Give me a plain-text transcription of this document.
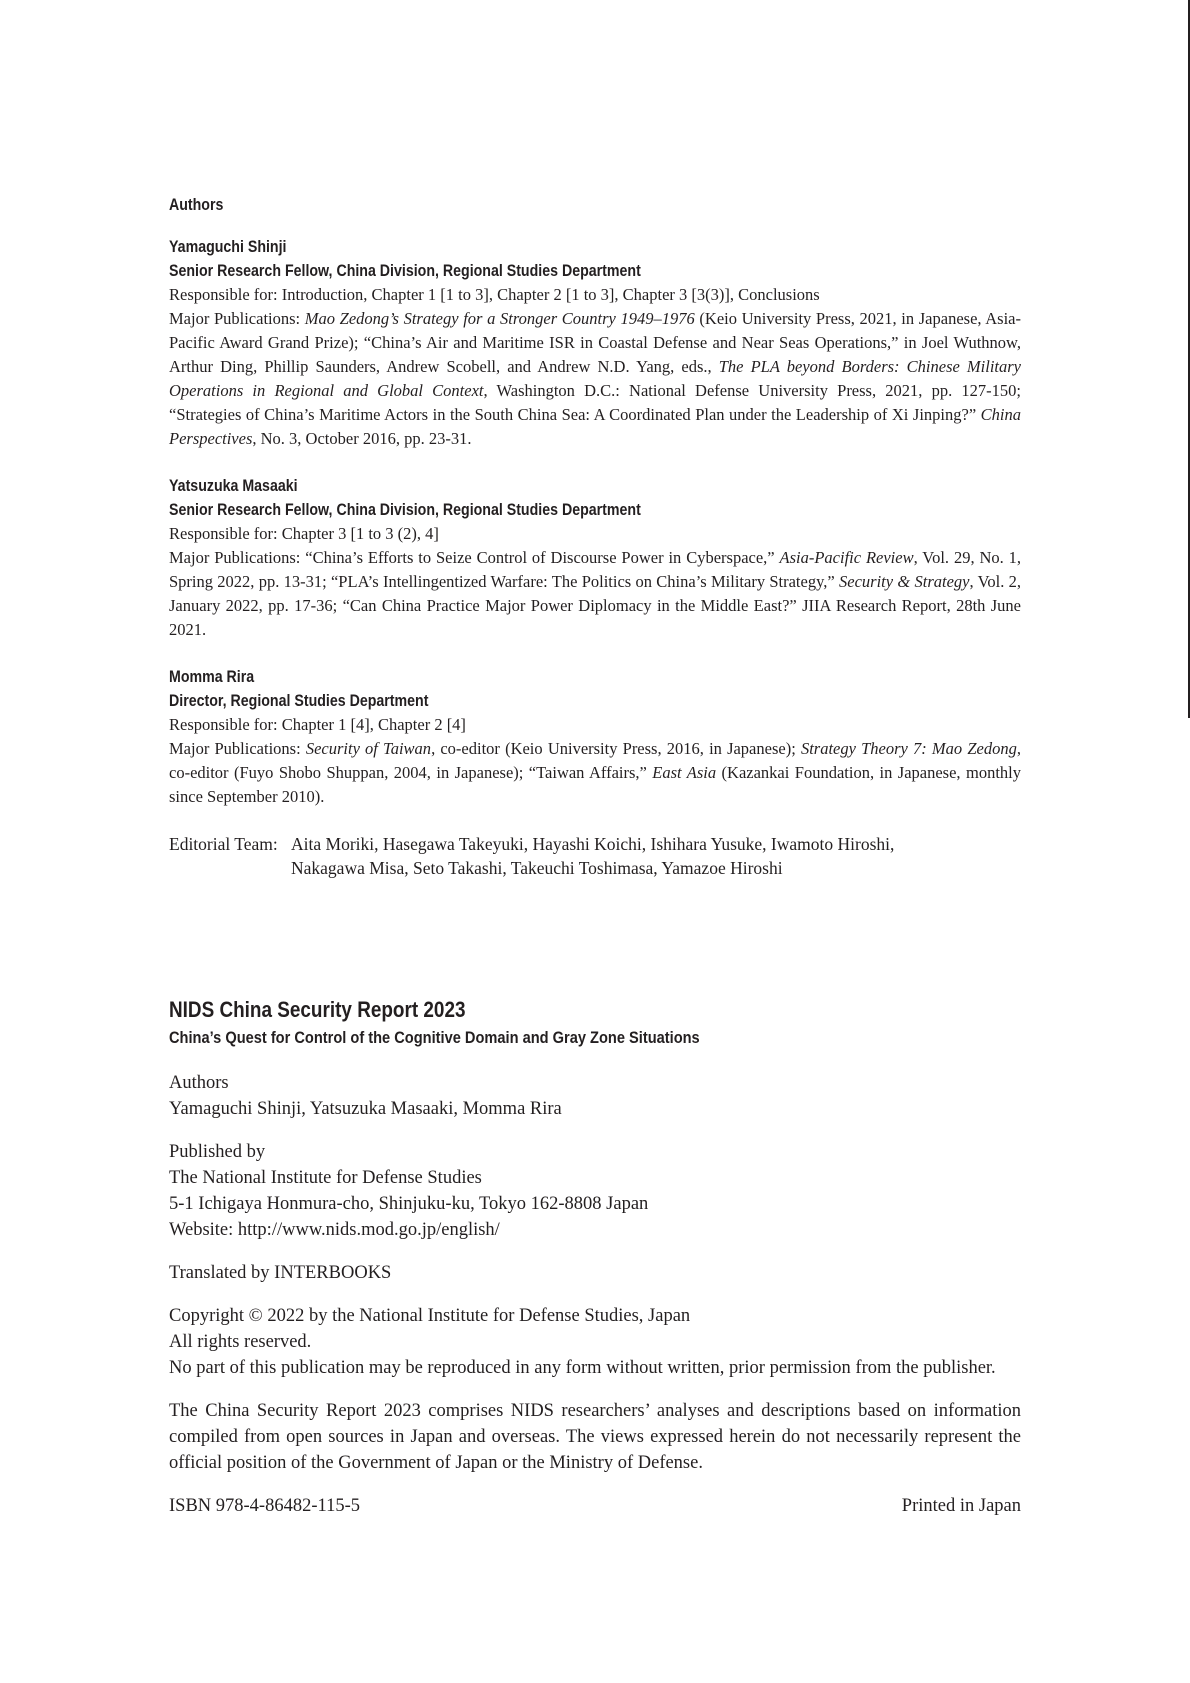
Authors
Yamaguchi Shinji
Senior Research Fellow, China Division, Regional Studies Department
Responsible for: Introduction, Chapter 1 [1 to 3], Chapter 2 [1 to 3], Chapter 3 [3(3)], Conclusions
Major Publications: Mao Zedong’s Strategy for a Stronger Country 1949–1976 (Keio University Press, 2021, in Japanese, Asia-Pacific Award Grand Prize); “China’s Air and Maritime ISR in Coastal Defense and Near Seas Operations,” in Joel Wuthnow, Arthur Ding, Phillip Saunders, Andrew Scobell, and Andrew N.D. Yang, eds., The PLA beyond Borders: Chinese Military Operations in Regional and Global Context, Washington D.C.: National Defense University Press, 2021, pp. 127-150; “Strategies of China’s Maritime Actors in the South China Sea: A Coordinated Plan under the Leadership of Xi Jinping?” China Perspectives, No. 3, October 2016, pp. 23-31.
Yatsuzuka Masaaki
Senior Research Fellow, China Division, Regional Studies Department
Responsible for: Chapter 3 [1 to 3 (2), 4]
Major Publications: “China’s Efforts to Seize Control of Discourse Power in Cyberspace,” Asia-Pacific Review, Vol. 29, No. 1, Spring 2022, pp. 13-31; “PLA’s Intellingentized Warfare: The Politics on China’s Military Strategy,” Security & Strategy, Vol. 2, January 2022, pp. 17-36; “Can China Practice Major Power Diplomacy in the Middle East?” JIIA Research Report, 28th June 2021.
Momma Rira
Director, Regional Studies Department
Responsible for: Chapter 1 [4], Chapter 2 [4]
Major Publications: Security of Taiwan, co-editor (Keio University Press, 2016, in Japanese); Strategy Theory 7: Mao Zedong, co-editor (Fuyo Shobo Shuppan, 2004, in Japanese); “Taiwan Affairs,” East Asia (Kazankai Foundation, in Japanese, monthly since September 2010).
Editorial Team: Aita Moriki, Hasegawa Takeyuki, Hayashi Koichi, Ishihara Yusuke, Iwamoto Hiroshi,
Nakagawa Misa, Seto Takashi, Takeuchi Toshimasa, Yamazoe Hiroshi
NIDS China Security Report 2023
China’s Quest for Control of the Cognitive Domain and Gray Zone Situations

Authors
Yamaguchi Shinji, Yatsuzuka Masaaki, Momma Rira

Published by
The National Institute for Defense Studies
5-1 Ichigaya Honmura-cho, Shinjuku-ku, Tokyo 162-8808 Japan
Website: http://www.nids.mod.go.jp/english/

Translated by INTERBOOKS

Copyright © 2022 by the National Institute for Defense Studies, Japan
All rights reserved.
No part of this publication may be reproduced in any form without written, prior permission from the publisher.

The China Security Report 2023 comprises NIDS researchers’ analyses and descriptions based on information compiled from open sources in Japan and overseas. The views expressed herein do not necessarily represent the official position of the Government of Japan or the Ministry of Defense.

ISBN 978-4-86482-115-5	Printed in Japan
